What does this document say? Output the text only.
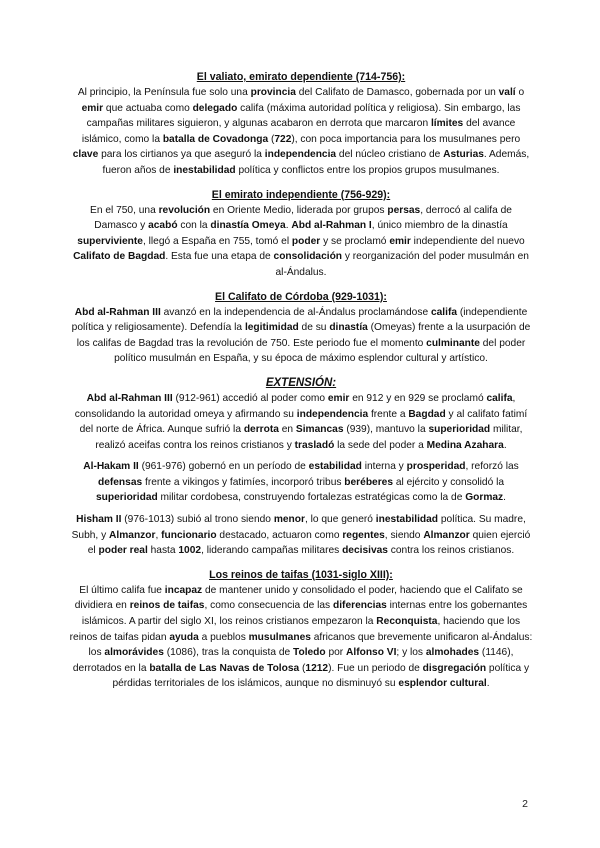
El valiato, emirato dependiente (714-756):
Al principio, la Península fue solo una provincia del Califato de Damasco, gobernada por un valí o emir que actuaba como delegado califa (máxima autoridad política y religiosa). Sin embargo, las campañas militares siguieron, y algunas acabaron en derrota que marcaron límites del avance islámico, como la batalla de Covadonga (722), con poca importancia para los musulmanes pero clave para los cirtianos ya que aseguró la independencia del núcleo cristiano de Asturias. Además, fueron años de inestabilidad política y conflictos entre los propios grupos musulmanes.
El emirato independiente (756-929):
En el 750, una revolución en Oriente Medio, liderada por grupos persas, derrocó al califa de Damasco y acabó con la dinastía Omeya. Abd al-Rahman I, único miembro de la dinastía superviviente, llegó a España en 755, tomó el poder y se proclamó emir independiente del nuevo Califato de Bagdad. Esta fue una etapa de consolidación y reorganización del poder musulmán en al-Ándalus.
El Califato de Córdoba (929-1031):
Abd al-Rahman III avanzó en la independencia de al-Ándalus proclamándose califa (independiente política y religiosamente). Defendía la legitimidad de su dinastía (Omeyas) frente a la usurpación de los califas de Bagdad tras la revolución de 750. Este periodo fue el momento culminante del poder político musulmán en España, y su época de máximo esplendor cultural y artístico.
EXTENSIÓN:
Abd al-Rahman III (912-961) accedió al poder como emir en 912 y en 929 se proclamó califa, consolidando la autoridad omeya y afirmando su independencia frente a Bagdad y al califato fatimí del norte de África. Aunque sufrió la derrota en Simancas (939), mantuvo la superioridad militar, realizó aceifas contra los reinos cristianos y trasladó la sede del poder a Medina Azahara.
Al-Hakam II (961-976) gobernó en un período de estabilidad interna y prosperidad, reforzó las defensas frente a vikingos y fatimíes, incorporó tribus beréberes al ejército y consolidó la superioridad militar cordobesa, construyendo fortalezas estratégicas como la de Gormaz.
Hisham II (976-1013) subió al trono siendo menor, lo que generó inestabilidad política. Su madre, Subh, y Almanzor, funcionario destacado, actuaron como regentes, siendo Almanzor quien ejerció el poder real hasta 1002, liderando campañas militares decisivas contra los reinos cristianos.
Los reinos de taifas (1031-siglo XIII):
El último califa fue incapaz de mantener unido y consolidado el poder, haciendo que el Califato se dividiera en reinos de taifas, como consecuencia de las diferencias internas entre los gobernantes islámicos. A partir del siglo XI, los reinos cristianos empezaron la Reconquista, haciendo que los reinos de taifas pidan ayuda a pueblos musulmanes africanos que brevemente unificaron al-Ándalus: los almorávides (1086), tras la conquista de Toledo por Alfonso VI; y los almohades (1146), derrotados en la batalla de Las Navas de Tolosa (1212). Fue un periodo de disgregación política y pérdidas territoriales de los islámicos, aunque no disminuyó su esplendor cultural.
2
